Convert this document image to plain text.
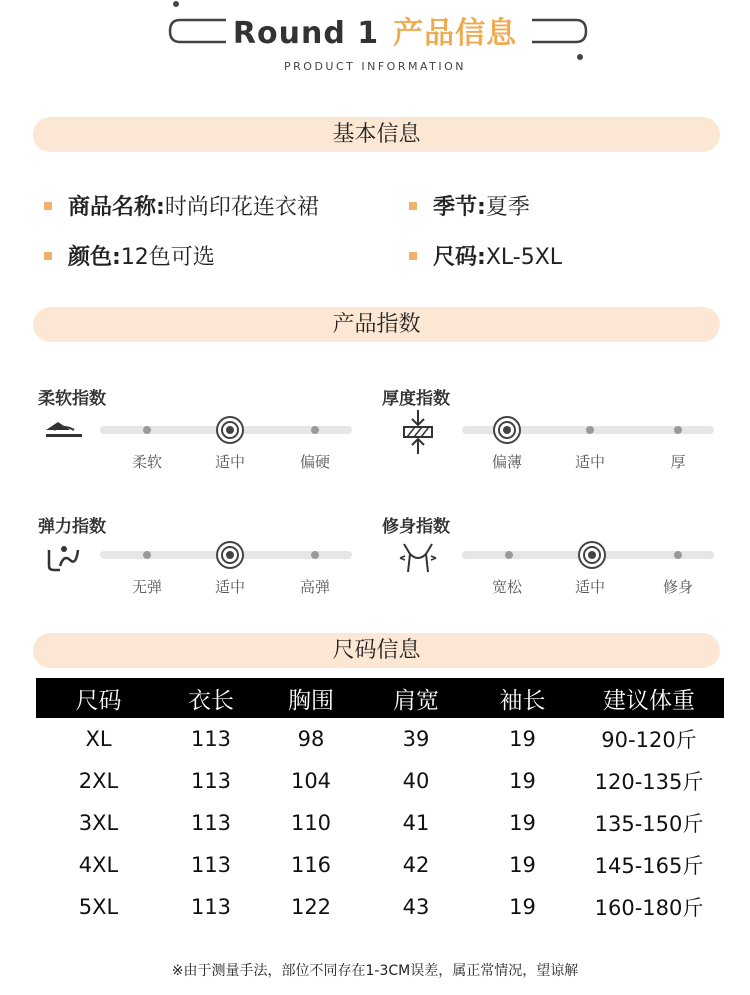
Round 1 产品信息
PRODUCT INFORMATION
基本信息
商品名称:时尚印花连衣裙	季节:夏季
颜色:12色可选	尺码:XL-5XL
产品指数
柔软指数
柔软	适中	偏硬
厚度指数
偏薄	适中	厚
弹力指数
无弹	适中	高弹
修身指数
宽松	适中	修身
尺码信息
尺码	衣长	胸围	肩宽	袖长	建议体重
XL	113	98	39	19	90-120斤
2XL	113	104	40	19	120-135斤
3XL	113	110	41	19	135-150斤
4XL	113	116	42	19	145-165斤
5XL	113	122	43	19	160-180斤
※由于测量手法，部位不同存在1-3CM误差，属正常情况，望谅解
